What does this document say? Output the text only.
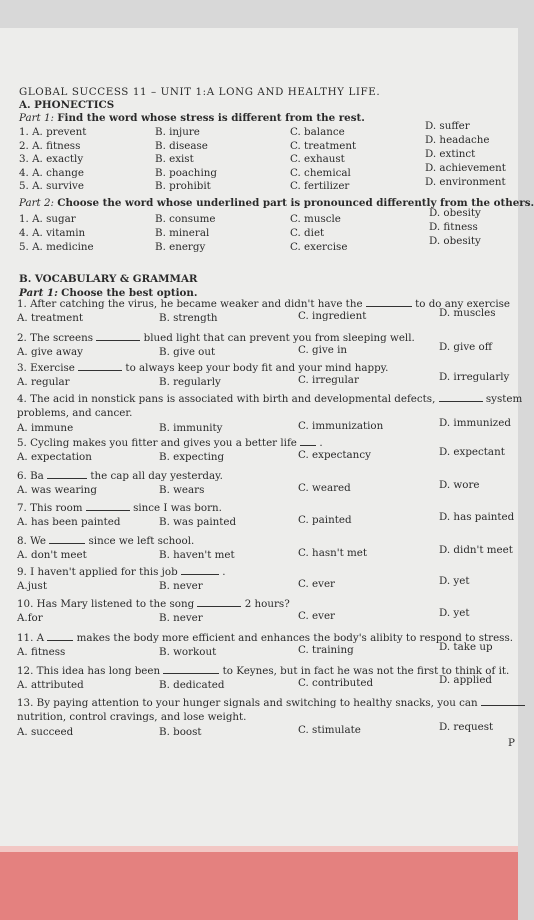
GLOBAL SUCCESS 11 – UNIT 1:A LONG AND HEALTHY LIFE.
A. PHONECTICS
Part 1: Find the word whose stress is different from the rest.
1. A. prevent	B. injure	C. balance	D. suffer
2. A. fitness	B. disease	C. treatment	D. headache
3. A. exactly	B. exist	C. exhaust	D. extinct
4. A. change	B. poaching	C. chemical	D. achievement
5. A. survive	B. prohibit	C. fertilizer	D. environment
Part 2: Choose the word whose underlined part is pronounced differently from the others.
1. A. sugar	B. consume	C. muscle	D. obesity
4. A. vitamin	B. mineral	C. diet	D. fitness
5. A. medicine	B. energy	C. exercise	D. obesity
B. VOCABULARY & GRAMMAR
Part 1: Choose the best option.
1. After catching the virus, he became weaker and didn't have the	to do any exercise
A. treatment	B. strength	C. ingredient	D. muscles
2. The screens	blued light that can prevent you from sleeping well.
A. give away	B. give out	C. give in	D. give off
3. Exercise	to always keep your body fit and your mind happy.
A. regular	B. regularly	C. irregular	D. irregularly
4. The acid in nonstick pans is associated with birth and developmental defects,	system
problems, and cancer.
A. immune	B. immunity	C. immunization	D. immunized
5. Cycling makes you fitter and gives you a better life  .
A. expectation	B. expecting	C. expectancy	D. expectant
6. Ba	the cap all day yesterday.
A. was wearing	B. wears	C. weared	D. wore
7. This room	since I was born.
A. has been painted	B. was painted	C. painted	D. has painted
8. We	since we left school.
A. don't meet	B. haven't met	C. hasn't met	D. didn't meet
9. I haven't applied for this job	.
A.just	B. never	C. ever	D. yet
10. Has Mary listened to the song	2 hours?
A.for	B. never	C. ever	D. yet
11. A	makes the body more efficient and enhances the body's alibity to respond to stress.
A. fitness	B. workout	C. training	D. take up
12. This idea has long been	to Keynes, but in fact he was not the first to think of it.
A. attributed	B. dedicated	C. contributed	D. applied
13. By paying attention to your hunger signals and switching to healthy snacks, you can
nutrition, control cravings, and lose weight.
A. succeed	B. boost	C. stimulate	D. request
P
